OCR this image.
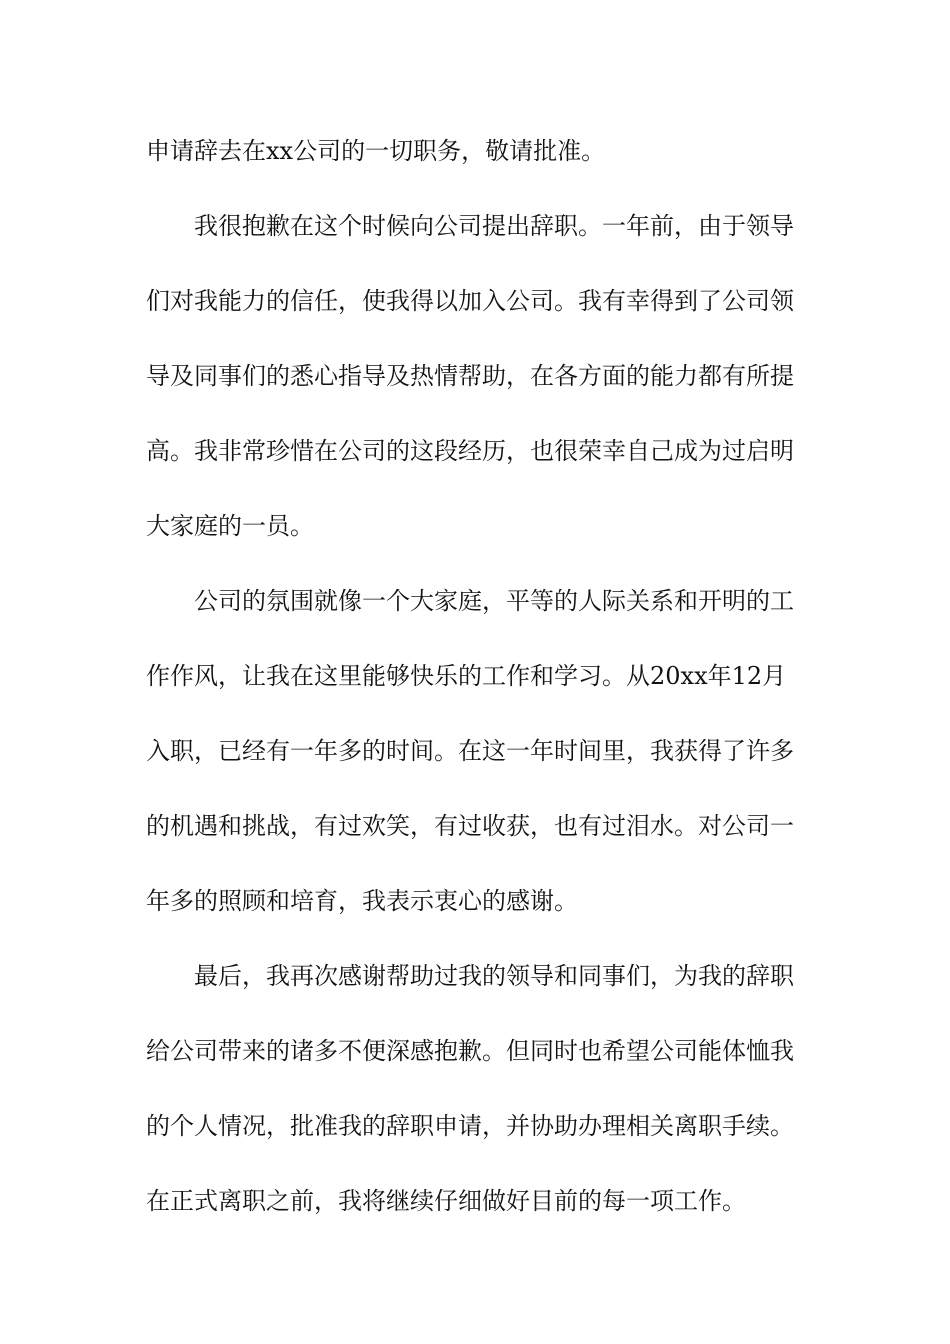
申请辞去在xx公司的一切职务，敬请批准。
我很抱歉在这个时候向公司提出辞职。一年前，由于领导
们对我能力的信任，使我得以加入公司。我有幸得到了公司领
导及同事们的悉心指导及热情帮助，在各方面的能力都有所提
高。我非常珍惜在公司的这段经历，也很荣幸自己成为过启明
大家庭的一员。
公司的氛围就像一个大家庭，平等的人际关系和开明的工
作作风，让我在这里能够快乐的工作和学习。从20xx年12月
入职，已经有一年多的时间。在这一年时间里，我获得了许多
的机遇和挑战，有过欢笑，有过收获，也有过泪水。对公司一
年多的照顾和培育，我表示衷心的感谢。
最后，我再次感谢帮助过我的领导和同事们，为我的辞职
给公司带来的诸多不便深感抱歉。但同时也希望公司能体恤我
的个人情况，批准我的辞职申请，并协助办理相关离职手续。
在正式离职之前，我将继续仔细做好目前的每一项工作。
